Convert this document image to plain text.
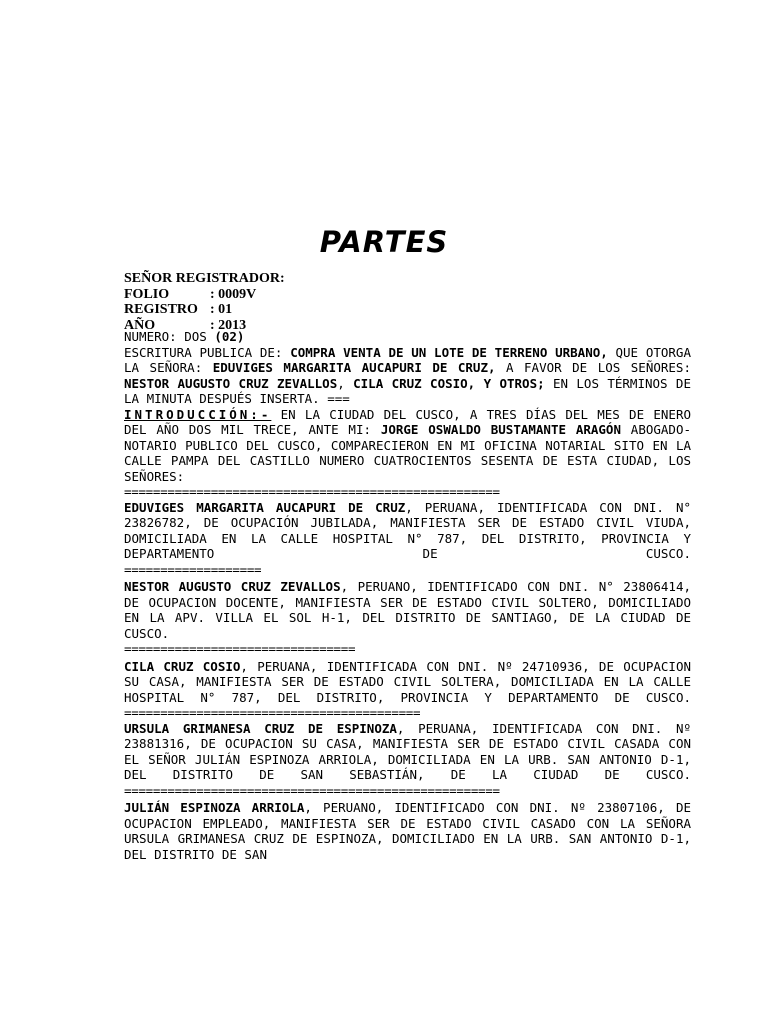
PARTES
SEÑOR REGISTRADOR:
FOLIO	: 0009V
REGISTRO : 01
AÑO	: 2013
NUMERO: DOS (02)
ESCRITURA PUBLICA DE: COMPRA VENTA DE UN LOTE DE TERRENO URBANO, QUE OTORGA LA SEÑORA: EDUVIGES MARGARITA AUCAPURI DE CRUZ, A FAVOR DE LOS SEÑORES: NESTOR AUGUSTO CRUZ ZEVALLOS, CILA CRUZ COSIO, Y OTROS; EN LOS TÉRMINOS DE LA MINUTA DESPUÉS INSERTA. ===
INTRODUCCIÓN:- EN LA CIUDAD DEL CUSCO, A TRES DÍAS DEL MES DE ENERO DEL AÑO DOS MIL TRECE, ANTE MI: JORGE OSWALDO BUSTAMANTE ARAGÓN ABOGADO-NOTARIO PUBLICO DEL CUSCO, COMPARECIERON EN MI OFICINA NOTARIAL SITO EN LA CALLE PAMPA DEL CASTILLO NUMERO CUATROCIENTOS SESENTA DE ESTA CIUDAD, LOS SEÑORES:
====================================================
EDUVIGES MARGARITA AUCAPURI DE CRUZ, PERUANA, IDENTIFICADA CON DNI. N° 23826782, DE OCUPACIÓN JUBILADA, MANIFIESTA SER DE ESTADO CIVIL VIUDA, DOMICILIADA EN LA CALLE HOSPITAL N° 787, DEL DISTRITO, PROVINCIA Y DEPARTAMENTO DE CUSCO.
===================
NESTOR AUGUSTO CRUZ ZEVALLOS, PERUANO, IDENTIFICADO CON DNI. N° 23806414, DE OCUPACION DOCENTE, MANIFIESTA SER DE ESTADO CIVIL SOLTERO, DOMICILIADO EN LA APV. VILLA EL SOL H-1, DEL DISTRITO DE SANTIAGO, DE LA CIUDAD DE CUSCO.
================================
CILA CRUZ COSIO, PERUANA, IDENTIFICADA CON DNI. Nº 24710936, DE OCUPACION SU CASA, MANIFIESTA SER DE ESTADO CIVIL SOLTERA, DOMICILIADA EN LA CALLE HOSPITAL N° 787, DEL DISTRITO, PROVINCIA Y DEPARTAMENTO DE CUSCO.
=========================================
URSULA GRIMANESA CRUZ DE ESPINOZA, PERUANA, IDENTIFICADA CON DNI. Nº 23881316, DE OCUPACION SU CASA, MANIFIESTA SER DE ESTADO CIVIL CASADA CON EL SEÑOR JULIÁN ESPINOZA ARRIOLA, DOMICILIADA EN LA URB. SAN ANTONIO D-1, DEL DISTRITO DE SAN SEBASTIÁN, DE LA CIUDAD DE CUSCO.
====================================================
JULIÁN ESPINOZA ARRIOLA, PERUANO, IDENTIFICADO CON DNI. Nº 23807106, DE OCUPACION EMPLEADO, MANIFIESTA SER DE ESTADO CIVIL CASADO CON LA SEÑORA URSULA GRIMANESA CRUZ DE ESPINOZA, DOMICILIADO EN LA URB. SAN ANTONIO D-1, DEL DISTRITO DE SAN
